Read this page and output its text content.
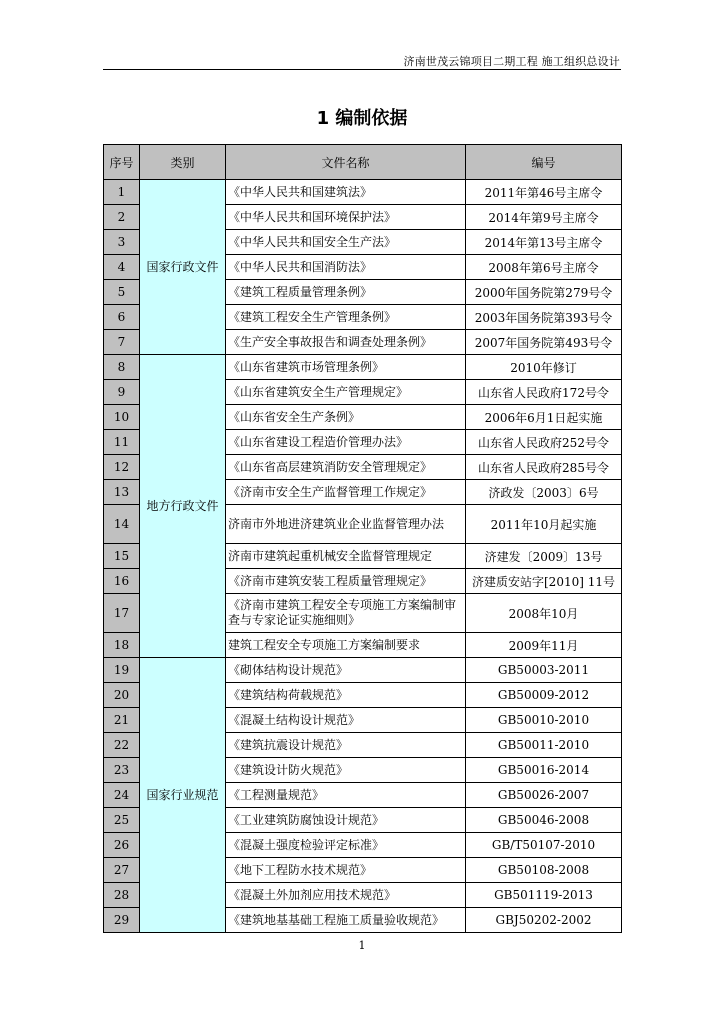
济南世茂云锦项目二期工程 施工组织总设计
1 编制依据
序号	类别	文件名称	编号
1	国家行政文件	《中华人民共和国建筑法》	2011年第46号主席令
2		《中华人民共和国环境保护法》	2014年第9号主席令
3		《中华人民共和国安全生产法》	2014年第13号主席令
4		《中华人民共和国消防法》	2008年第6号主席令
5		《建筑工程质量管理条例》	2000年国务院第279号令
6		《建筑工程安全生产管理条例》	2003年国务院第393号令
7		《生产安全事故报告和调查处理条例》	2007年国务院第493号令
8	地方行政文件	《山东省建筑市场管理条例》	2010年修订
9		《山东省建筑安全生产管理规定》	山东省人民政府172号令
10		《山东省安全生产条例》	2006年6月1日起实施
11		《山东省建设工程造价管理办法》	山东省人民政府252号令
12		《山东省高层建筑消防安全管理规定》	山东省人民政府285号令
13		《济南市安全生产监督管理工作规定》	济政发〔2003〕6号
14		济南市外地进济建筑业企业监督管理办法	2011年10月起实施
15		济南市建筑起重机械安全监督管理规定	济建发〔2009〕13号
16		《济南市建筑安装工程质量管理规定》	济建质安站字[2010] 11号
17		《济南市建筑工程安全专项施工方案编制审查与专家论证实施细则》	2008年10月
18		建筑工程安全专项施工方案编制要求	2009年11月
19	国家行业规范	《砌体结构设计规范》	GB50003-2011
20		《建筑结构荷载规范》	GB50009-2012
21		《混凝土结构设计规范》	GB50010-2010
22		《建筑抗震设计规范》	GB50011-2010
23		《建筑设计防火规范》	GB50016-2014
24		《工程测量规范》	GB50026-2007
25		《工业建筑防腐蚀设计规范》	GB50046-2008
26		《混凝土强度检验评定标准》	GB/T50107-2010
27		《地下工程防水技术规范》	GB50108-2008
28		《混凝土外加剂应用技术规范》	GB501119-2013
29		《建筑地基基础工程施工质量验收规范》	GBJ50202-2002
1
